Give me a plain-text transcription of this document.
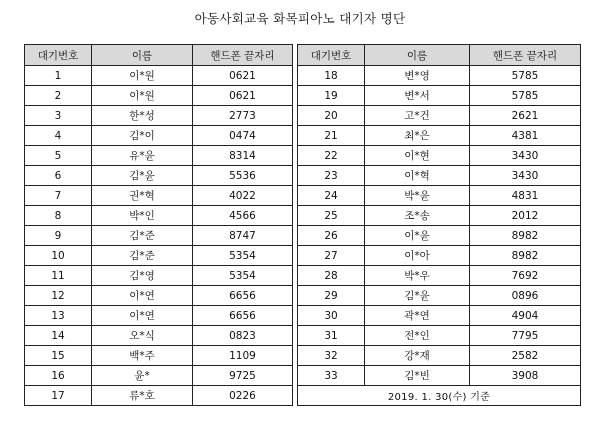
아동사회교육 화목피아노 대기자 명단
대기번호	이름	핸드폰 끝자리
1	이*원	0621
2	이*원	0621
3	한*성	2773
4	김*이	0474
5	유*윤	8314
6	김*윤	5536
7	권*혁	4022
8	박*인	4566
9	김*준	8747
10	김*준	5354
11	김*영	5354
12	이*연	6656
13	이*연	6656
14	오*식	0823
15	백*주	1109
16	윤*	9725
17	류*호	0226
대기번호	이름	핸드폰 끝자리
18	변*영	5785
19	변*서	5785
20	고*건	2621
21	최*은	4381
22	이*현	3430
23	이*혁	3430
24	박*윤	4831
25	조*송	2012
26	이*윤	8982
27	이*아	8982
28	박*우	7692
29	김*윤	0896
30	곽*연	4904
31	전*인	7795
32	강*재	2582
33	김*빈	3908
2019. 1. 30(수) 기준		
